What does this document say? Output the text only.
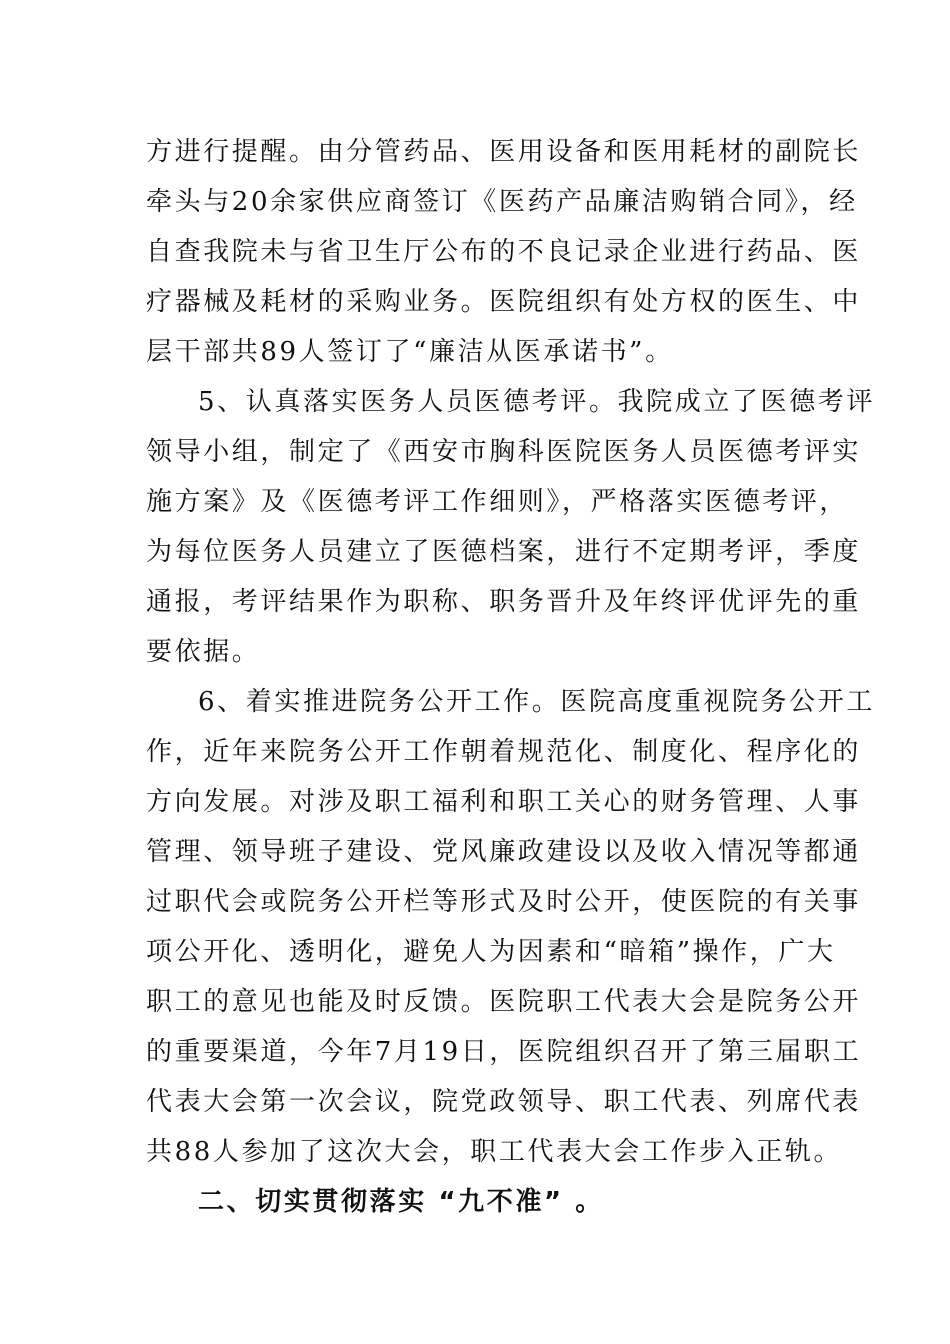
方进行提醒。由分管药品、医用设备和医用耗材的副院长
牵头与20余家供应商签订《医药产品廉洁购销合同》，经
自查我院未与省卫生厅公布的不良记录企业进行药品、医
疗器械及耗材的采购业务。医院组织有处方权的医生、中
层干部共89人签订了“廉洁从医承诺书”。
5、认真落实医务人员医德考评。我院成立了医德考评
领导小组，制定了《西安市胸科医院医务人员医德考评实
施方案》及《医德考评工作细则》，严格落实医德考评，
为每位医务人员建立了医德档案，进行不定期考评，季度
通报，考评结果作为职称、职务晋升及年终评优评先的重
要依据。
6、着实推进院务公开工作。医院高度重视院务公开工
作，近年来院务公开工作朝着规范化、制度化、程序化的
方向发展。对涉及职工福利和职工关心的财务管理、人事
管理、领导班子建设、党风廉政建设以及收入情况等都通
过职代会或院务公开栏等形式及时公开，使医院的有关事
项公开化、透明化，避免人为因素和“暗箱”操作，广大
职工的意见也能及时反馈。医院职工代表大会是院务公开
的重要渠道，今年7月19日，医院组织召开了第三届职工
代表大会第一次会议，院党政领导、职工代表、列席代表
共88人参加了这次大会，职工代表大会工作步入正轨。
二、切实贯彻落实 “九不准” 。
